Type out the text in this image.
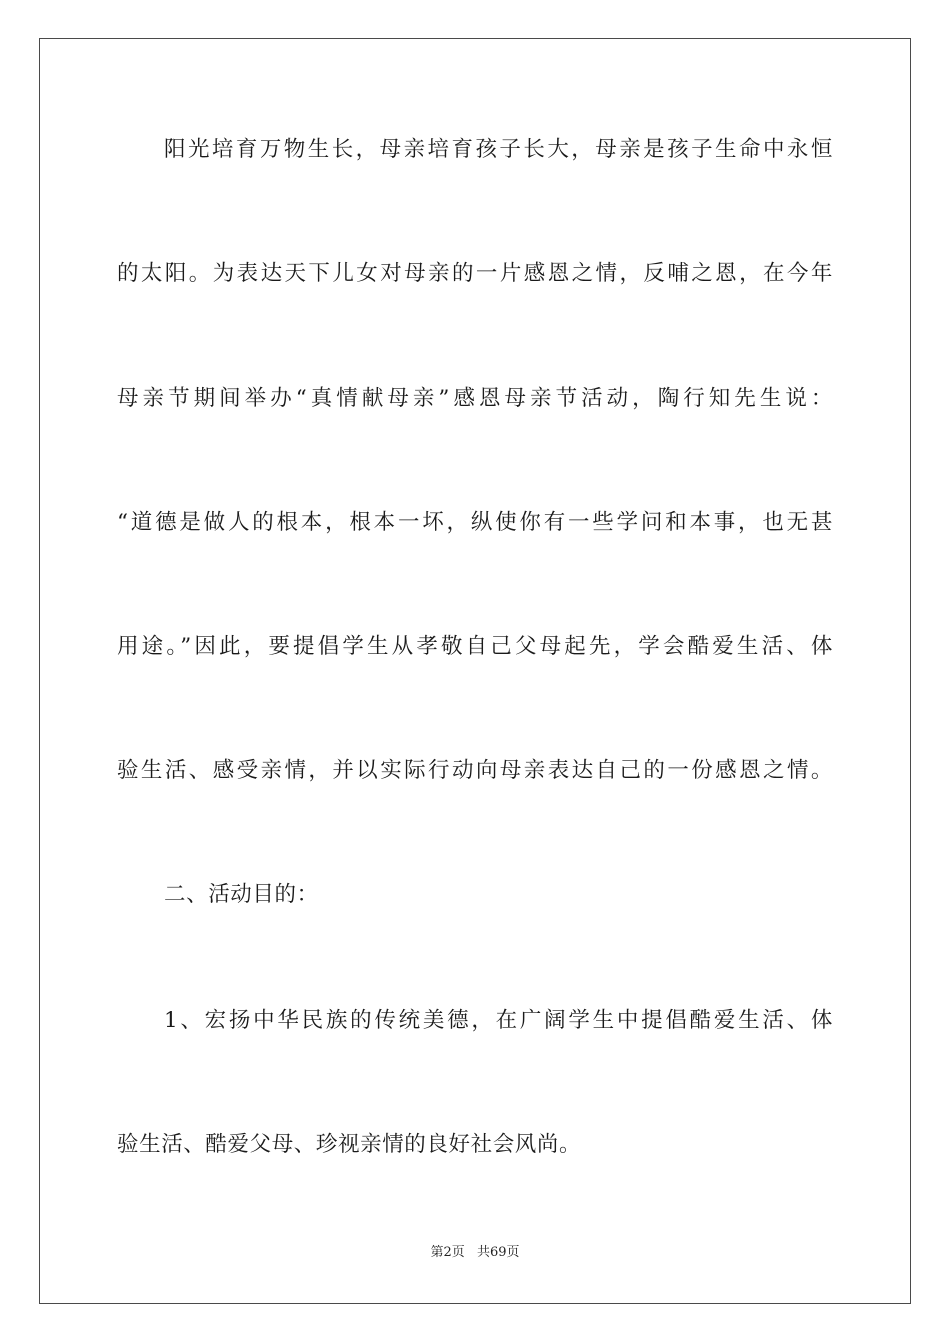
阳光培育万物生长，母亲培育孩子长大，母亲是孩子生命中永恒
的太阳。为表达天下儿女对母亲的一片感恩之情，反哺之恩，在今年
母亲节期间举办“真情献母亲”感恩母亲节活动，陶行知先生说：
“道德是做人的根本，根本一坏，纵使你有一些学问和本事，也无甚
用途。”因此，要提倡学生从孝敬自己父母起先，学会酷爱生活、体
验生活、感受亲情，并以实际行动向母亲表达自己的一份感恩之情。
二、活动目的：
1、宏扬中华民族的传统美德，在广阔学生中提倡酷爱生活、体
验生活、酷爱父母、珍视亲情的良好社会风尚。
第2页 共69页
